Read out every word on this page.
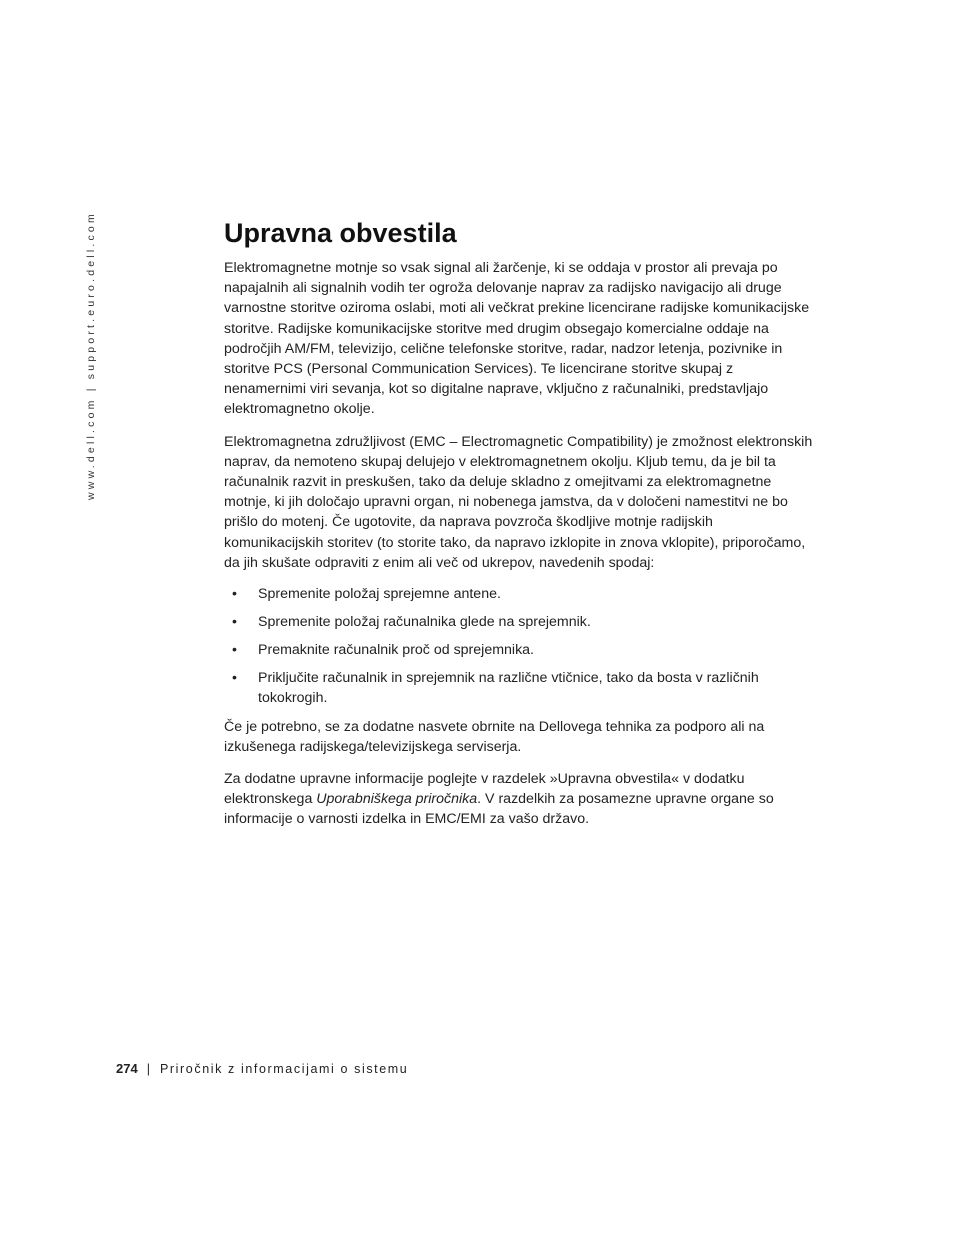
www.dell.com | support.euro.dell.com	Upravna obvestila

Elektromagnetne motnje so vsak signal ali žarčenje, ki se oddaja v prostor ali prevaja po napajalnih ali signalnih vodih ter ogroža delovanje naprav za radijsko navigacijo ali druge varnostne storitve oziroma oslabi, moti ali večkrat prekine licencirane radijske komunikacijske storitve. Radijske komunikacijske storitve med drugim obsegajo komercialne oddaje na področjih AM/FM, televizijo, celične telefonske storitve, radar, nadzor letenja, pozivnike in storitve PCS (Personal Communication Services). Te licencirane storitve skupaj z nenamernimi viri sevanja, kot so digitalne naprave, vključno z računalniki, predstavljajo elektromagnetno okolje.

Elektromagnetna združljivost (EMC – Electromagnetic Compatibility) je zmožnost elektronskih naprav, da nemoteno skupaj delujejo v elektromagnetnem okolju. Kljub temu, da je bil ta računalnik razvit in preskušen, tako da deluje skladno z omejitvami za elektromagnetne motnje, ki jih določajo upravni organ, ni nobenega jamstva, da v določeni namestitvi ne bo prišlo do motenj. Če ugotovite, da naprava povzroča škodljive motnje radijskih komunikacijskih storitev (to storite tako, da napravo izklopite in znova vklopite), priporočamo, da jih skušate odpraviti z enim ali več od ukrepov, navedenih spodaj:

• Spremenite položaj sprejemne antene.
• Spremenite položaj računalnika glede na sprejemnik.
• Premaknite računalnik proč od sprejemnika.
• Priključite računalnik in sprejemnik na različne vtičnice, tako da bosta v različnih tokokrogih.

Če je potrebno, se za dodatne nasvete obrnite na Dellovega tehnika za podporo ali na izkušenega radijskega/televizijskega serviserja.

Za dodatne upravne informacije poglejte v razdelek »Upravna obvestila« v dodatku elektronskega Uporabniškega priročnika. V razdelkih za posamezne upravne organe so informacije o varnosti izdelka in EMC/EMI za vašo državo.

274 | Priročnik z informacijami o sistemu
